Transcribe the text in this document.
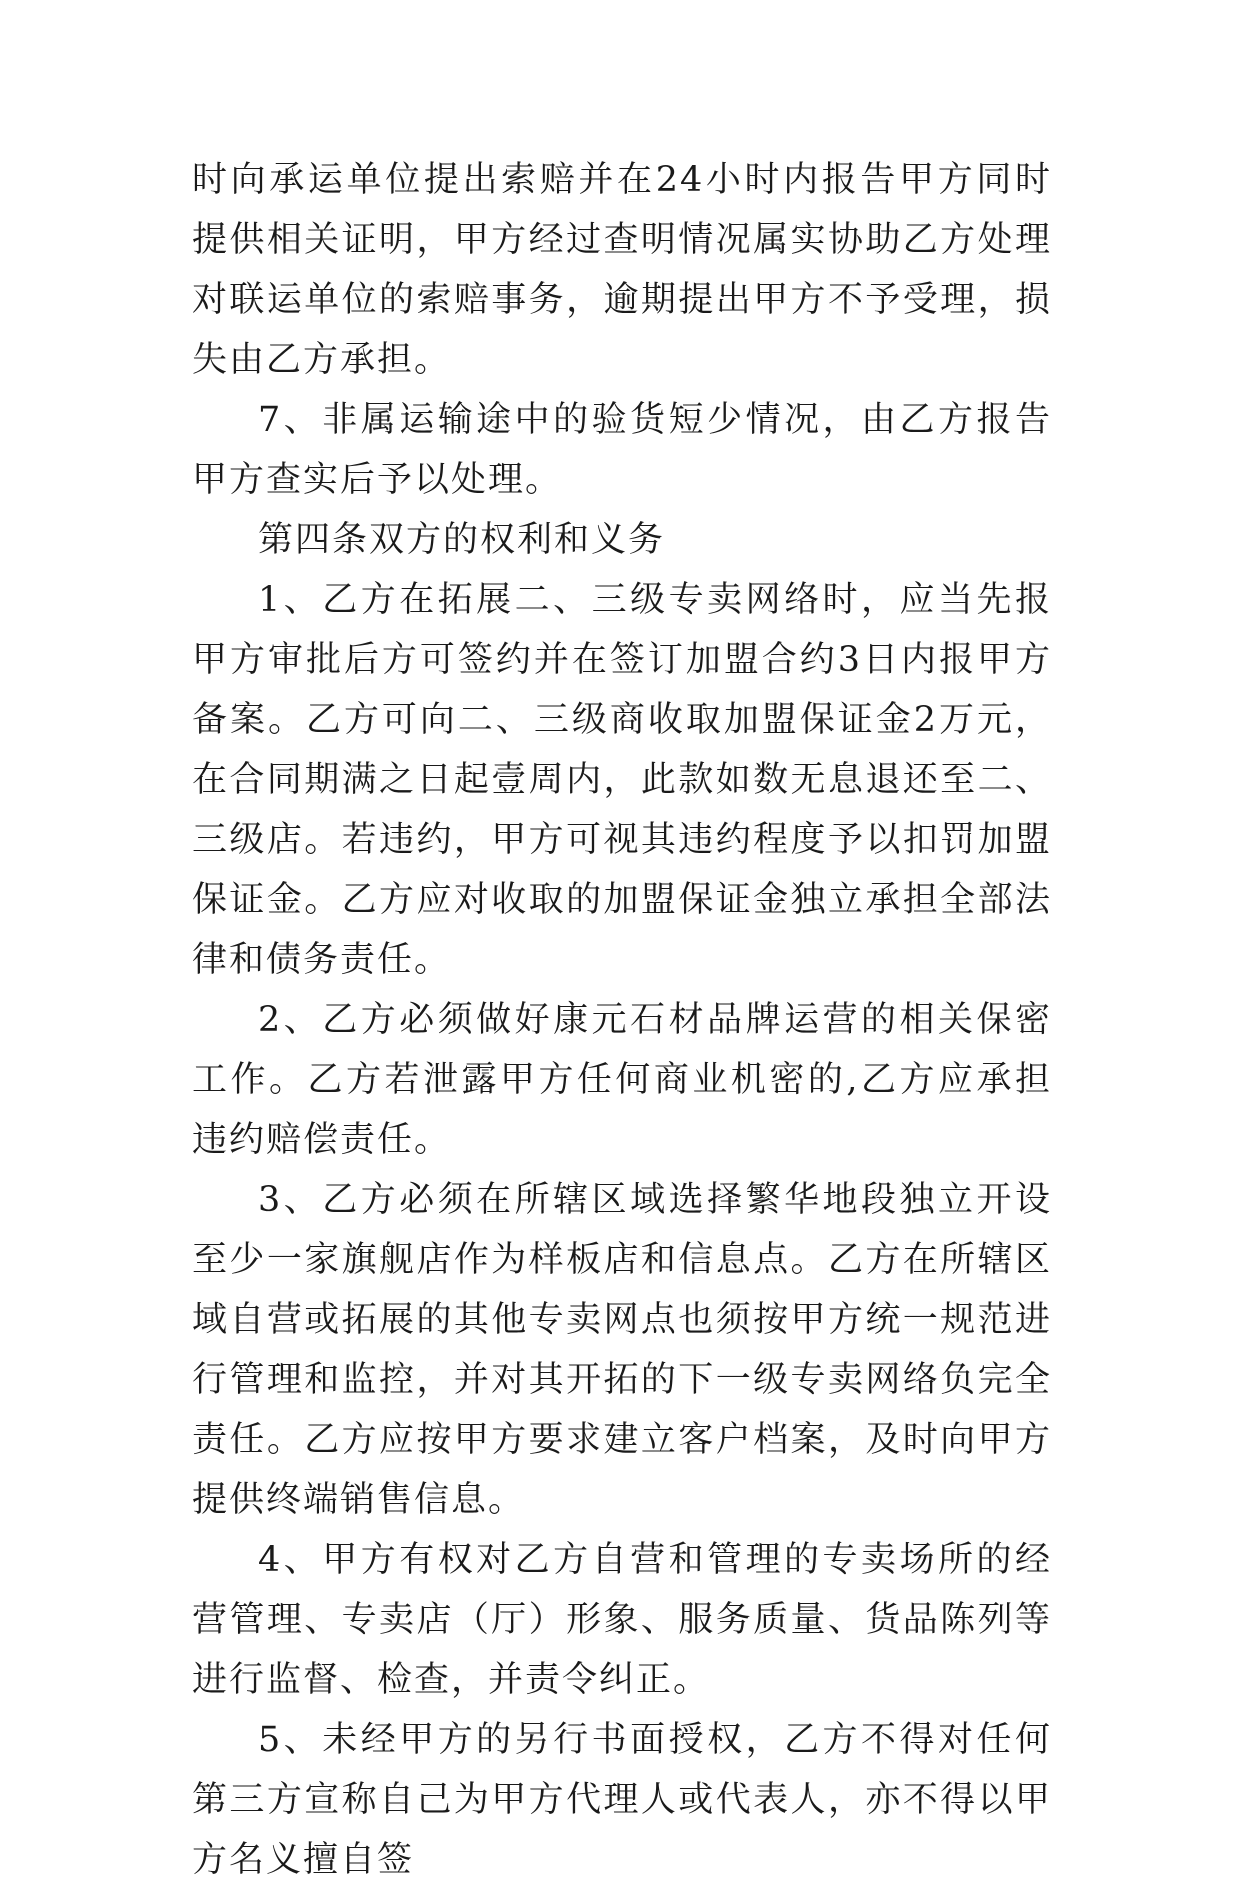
时向承运单位提出索赔并在24小时内报告甲方同时提供相关证明，甲方经过查明情况属实协助乙方处理对联运单位的索赔事务，逾期提出甲方不予受理，损失由乙方承担。

7、非属运输途中的验货短少情况，由乙方报告甲方查实后予以处理。

第四条双方的权利和义务

1、乙方在拓展二、三级专卖网络时，应当先报甲方审批后方可签约并在签订加盟合约3日内报甲方备案。乙方可向二、三级商收取加盟保证金2万元，在合同期满之日起壹周内，此款如数无息退还至二、三级店。若违约，甲方可视其违约程度予以扣罚加盟保证金。乙方应对收取的加盟保证金独立承担全部法律和债务责任。

2、乙方必须做好康元石材品牌运营的相关保密工作。乙方若泄露甲方任何商业机密的,乙方应承担违约赔偿责任。

3、乙方必须在所辖区域选择繁华地段独立开设至少一家旗舰店作为样板店和信息点。乙方在所辖区域自营或拓展的其他专卖网点也须按甲方统一规范进行管理和监控，并对其开拓的下一级专卖网络负完全责任。乙方应按甲方要求建立客户档案，及时向甲方提供终端销售信息。

4、甲方有权对乙方自营和管理的专卖场所的经营管理、专卖店（厅）形象、服务质量、货品陈列等进行监督、检查，并责令纠正。

5、未经甲方的另行书面授权，乙方不得对任何第三方宣称自己为甲方代理人或代表人，亦不得以甲方名义擅自签
